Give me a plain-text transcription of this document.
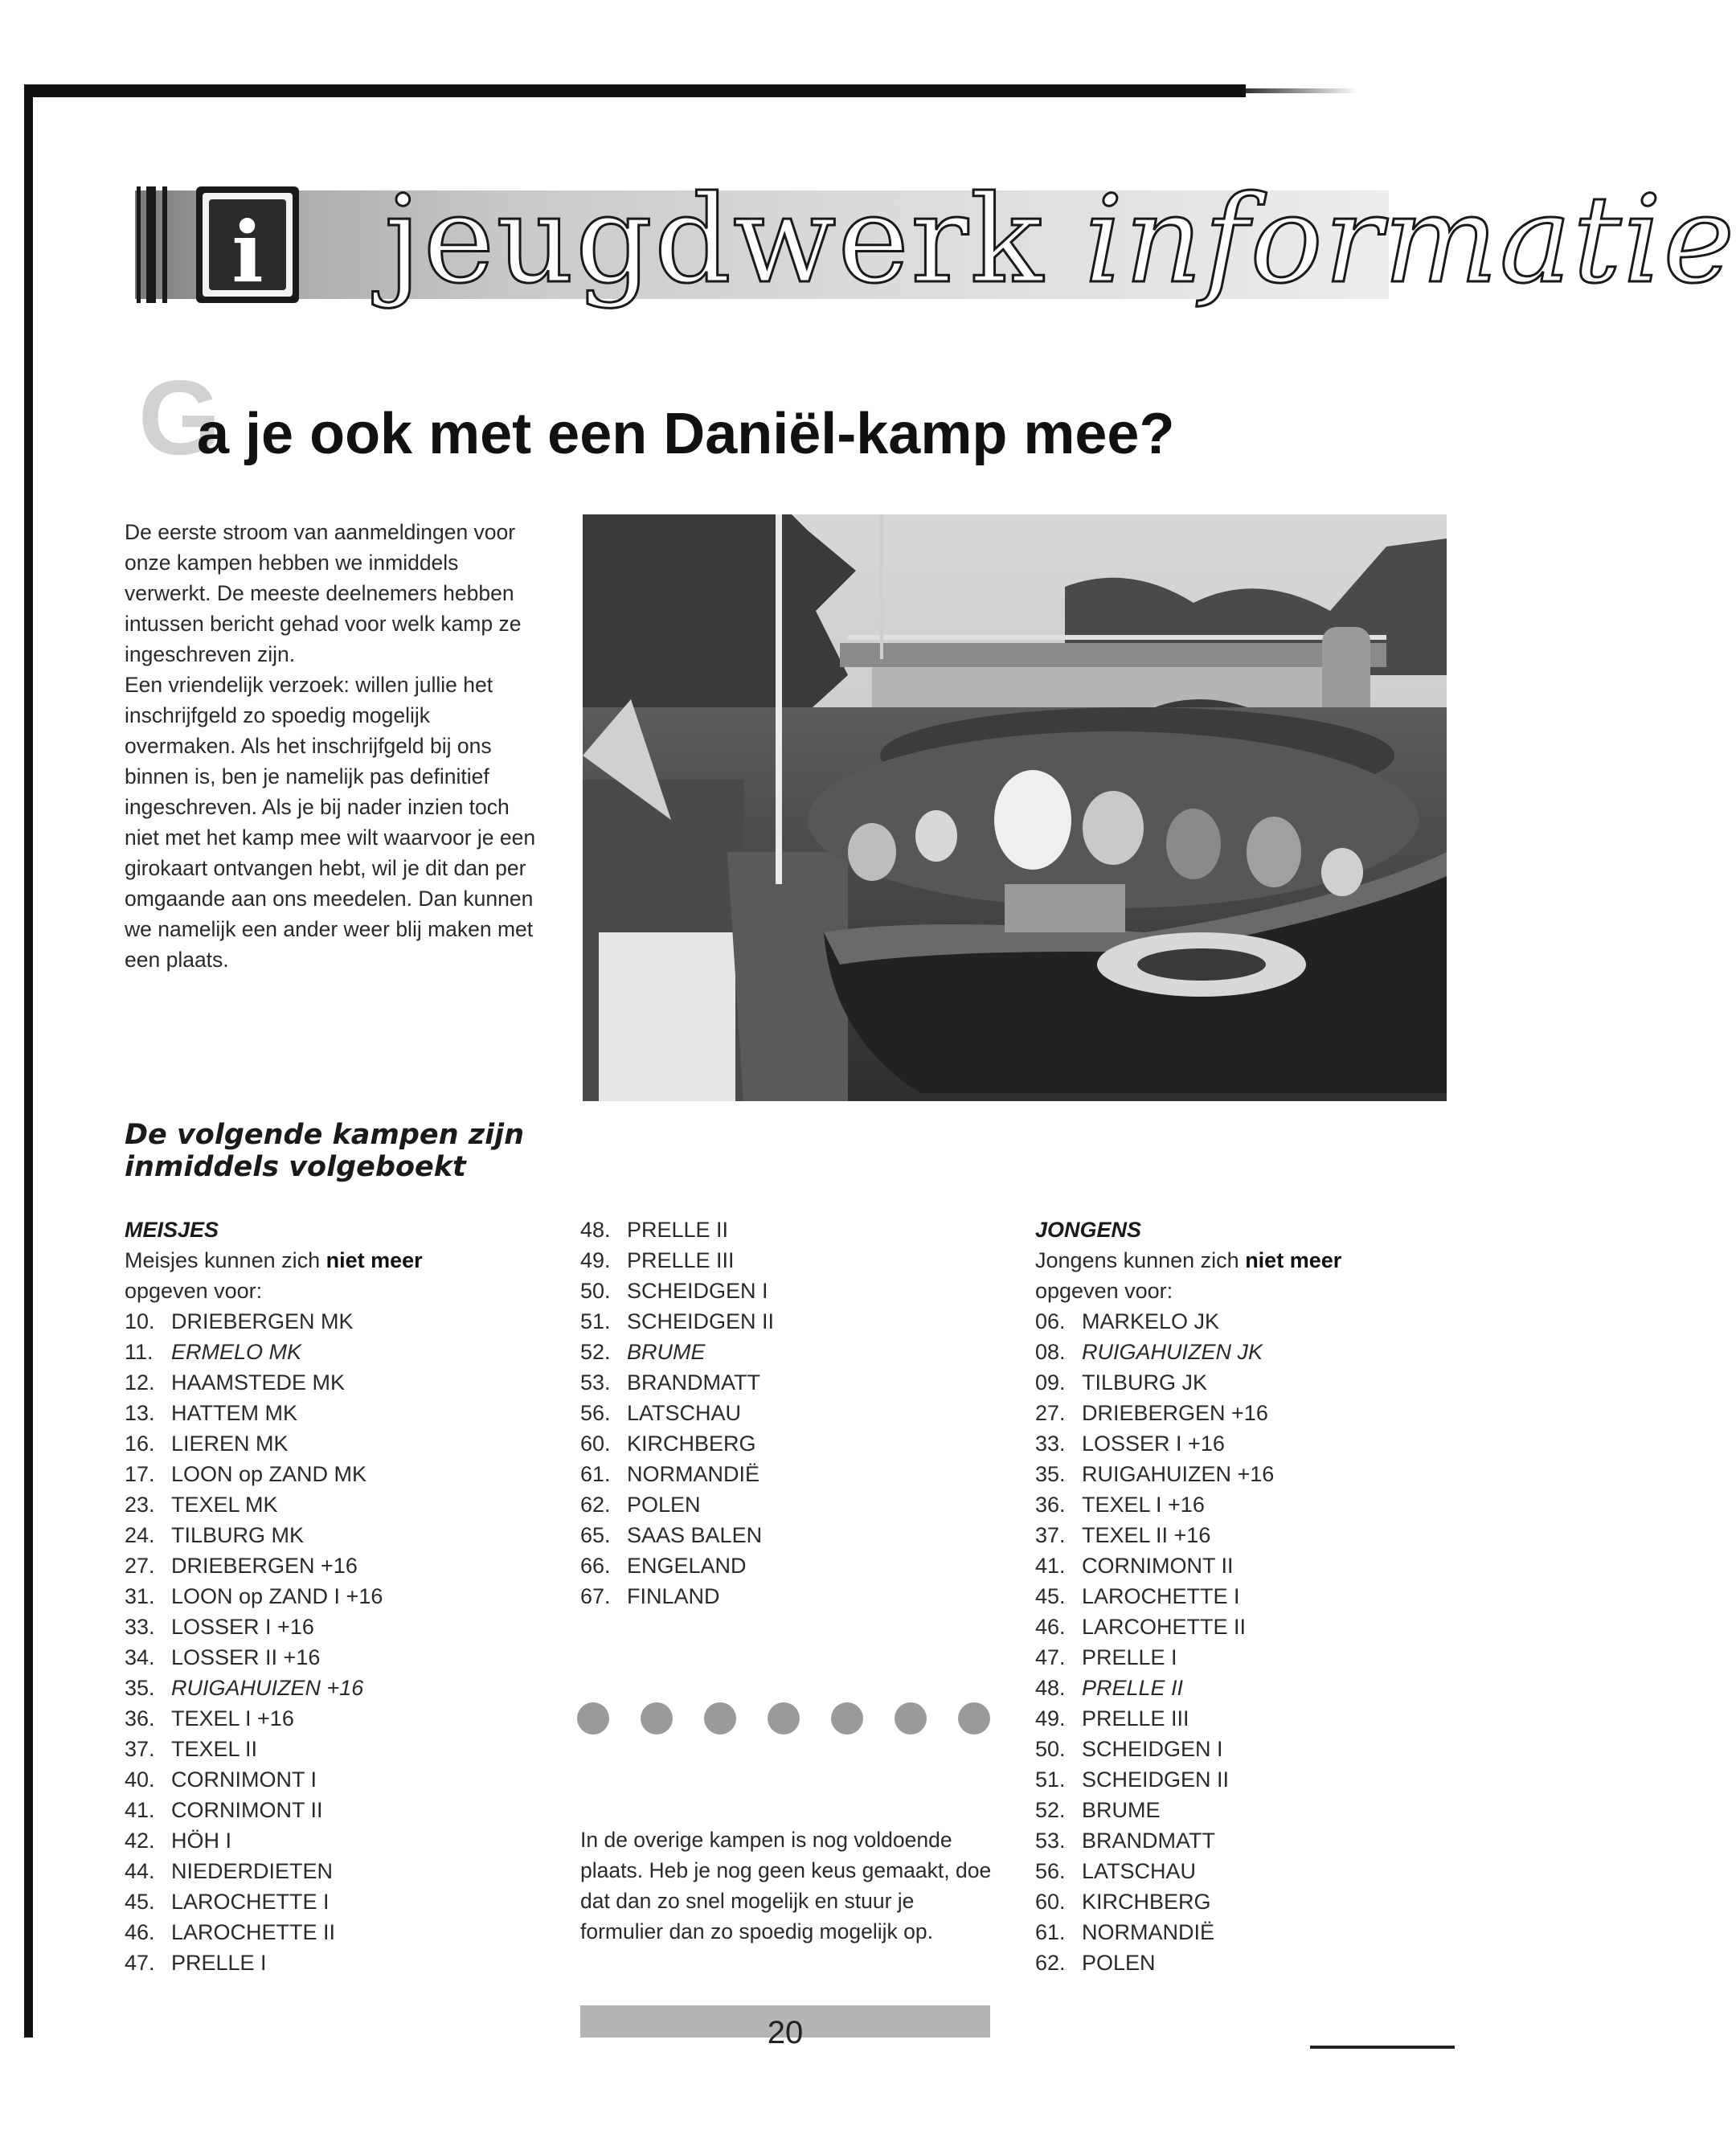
i jeugdwerk informatie
G
a je ook met een Daniël-kamp mee?

De eerste stroom van aanmeldingen voor onze kampen hebben we inmiddels verwerkt. De meeste deelnemers hebben intussen bericht gehad voor welk kamp ze ingeschreven zijn.

Een vriendelijk verzoek: willen jullie het inschrijfgeld zo spoedig mogelijk overmaken. Als het inschrijfgeld bij ons binnen is, ben je namelijk pas definitief ingeschreven. Als je bij nader inzien toch niet met het kamp mee wilt waarvoor je een girokaart ontvangen hebt, wil je dit dan per omgaande aan ons meedelen. Dan kunnen we namelijk een ander weer blij maken met een plaats.

De volgende kampen zijn
inmiddels volgeboekt
MEISJES
Meisjes kunnen zich niet meer
opgeven voor:
10. DRIEBERGEN MK
11. ERMELO MK
12. HAAMSTEDE MK
13. HATTEM MK
16. LIEREN MK
17. LOON op ZAND MK
23. TEXEL MK
24. TILBURG MK
27. DRIEBERGEN +16
31. LOON op ZAND I +16
33. LOSSER I +16
34. LOSSER II +16
35. RUIGAHUIZEN +16
36. TEXEL I +16
37. TEXEL II
40. CORNIMONT I
41. CORNIMONT II
42. HÖH I
44. NIEDERDIETEN
45. LAROCHETTE I
46. LAROCHETTE II
47. PRELLE I
48. PRELLE II
49. PRELLE III
50. SCHEIDGEN I
51. SCHEIDGEN II
52. BRUME
53. BRANDMATT
56. LATSCHAU
60. KIRCHBERG
61. NORMANDIË
62. POLEN
65. SAAS BALEN
66. ENGELAND
67. FINLAND
In de overige kampen is nog voldoende plaats. Heb je nog geen keus gemaakt, doe dat dan zo snel mogelijk en stuur je formulier dan zo spoedig mogelijk op.
JONGENS
Jongens kunnen zich niet meer
opgeven voor:
06. MARKELO JK
08. RUIGAHUIZEN JK
09. TILBURG JK
27. DRIEBERGEN +16
33. LOSSER I +16
35. RUIGAHUIZEN +16
36. TEXEL I +16
37. TEXEL II +16
41. CORNIMONT II
45. LAROCHETTE I
46. LARCOHETTE II
47. PRELLE I
48. PRELLE II
49. PRELLE III
50. SCHEIDGEN I
51. SCHEIDGEN II
52. BRUME
53. BRANDMATT
56. LATSCHAU
60. KIRCHBERG
61. NORMANDIË
62. POLEN
20
